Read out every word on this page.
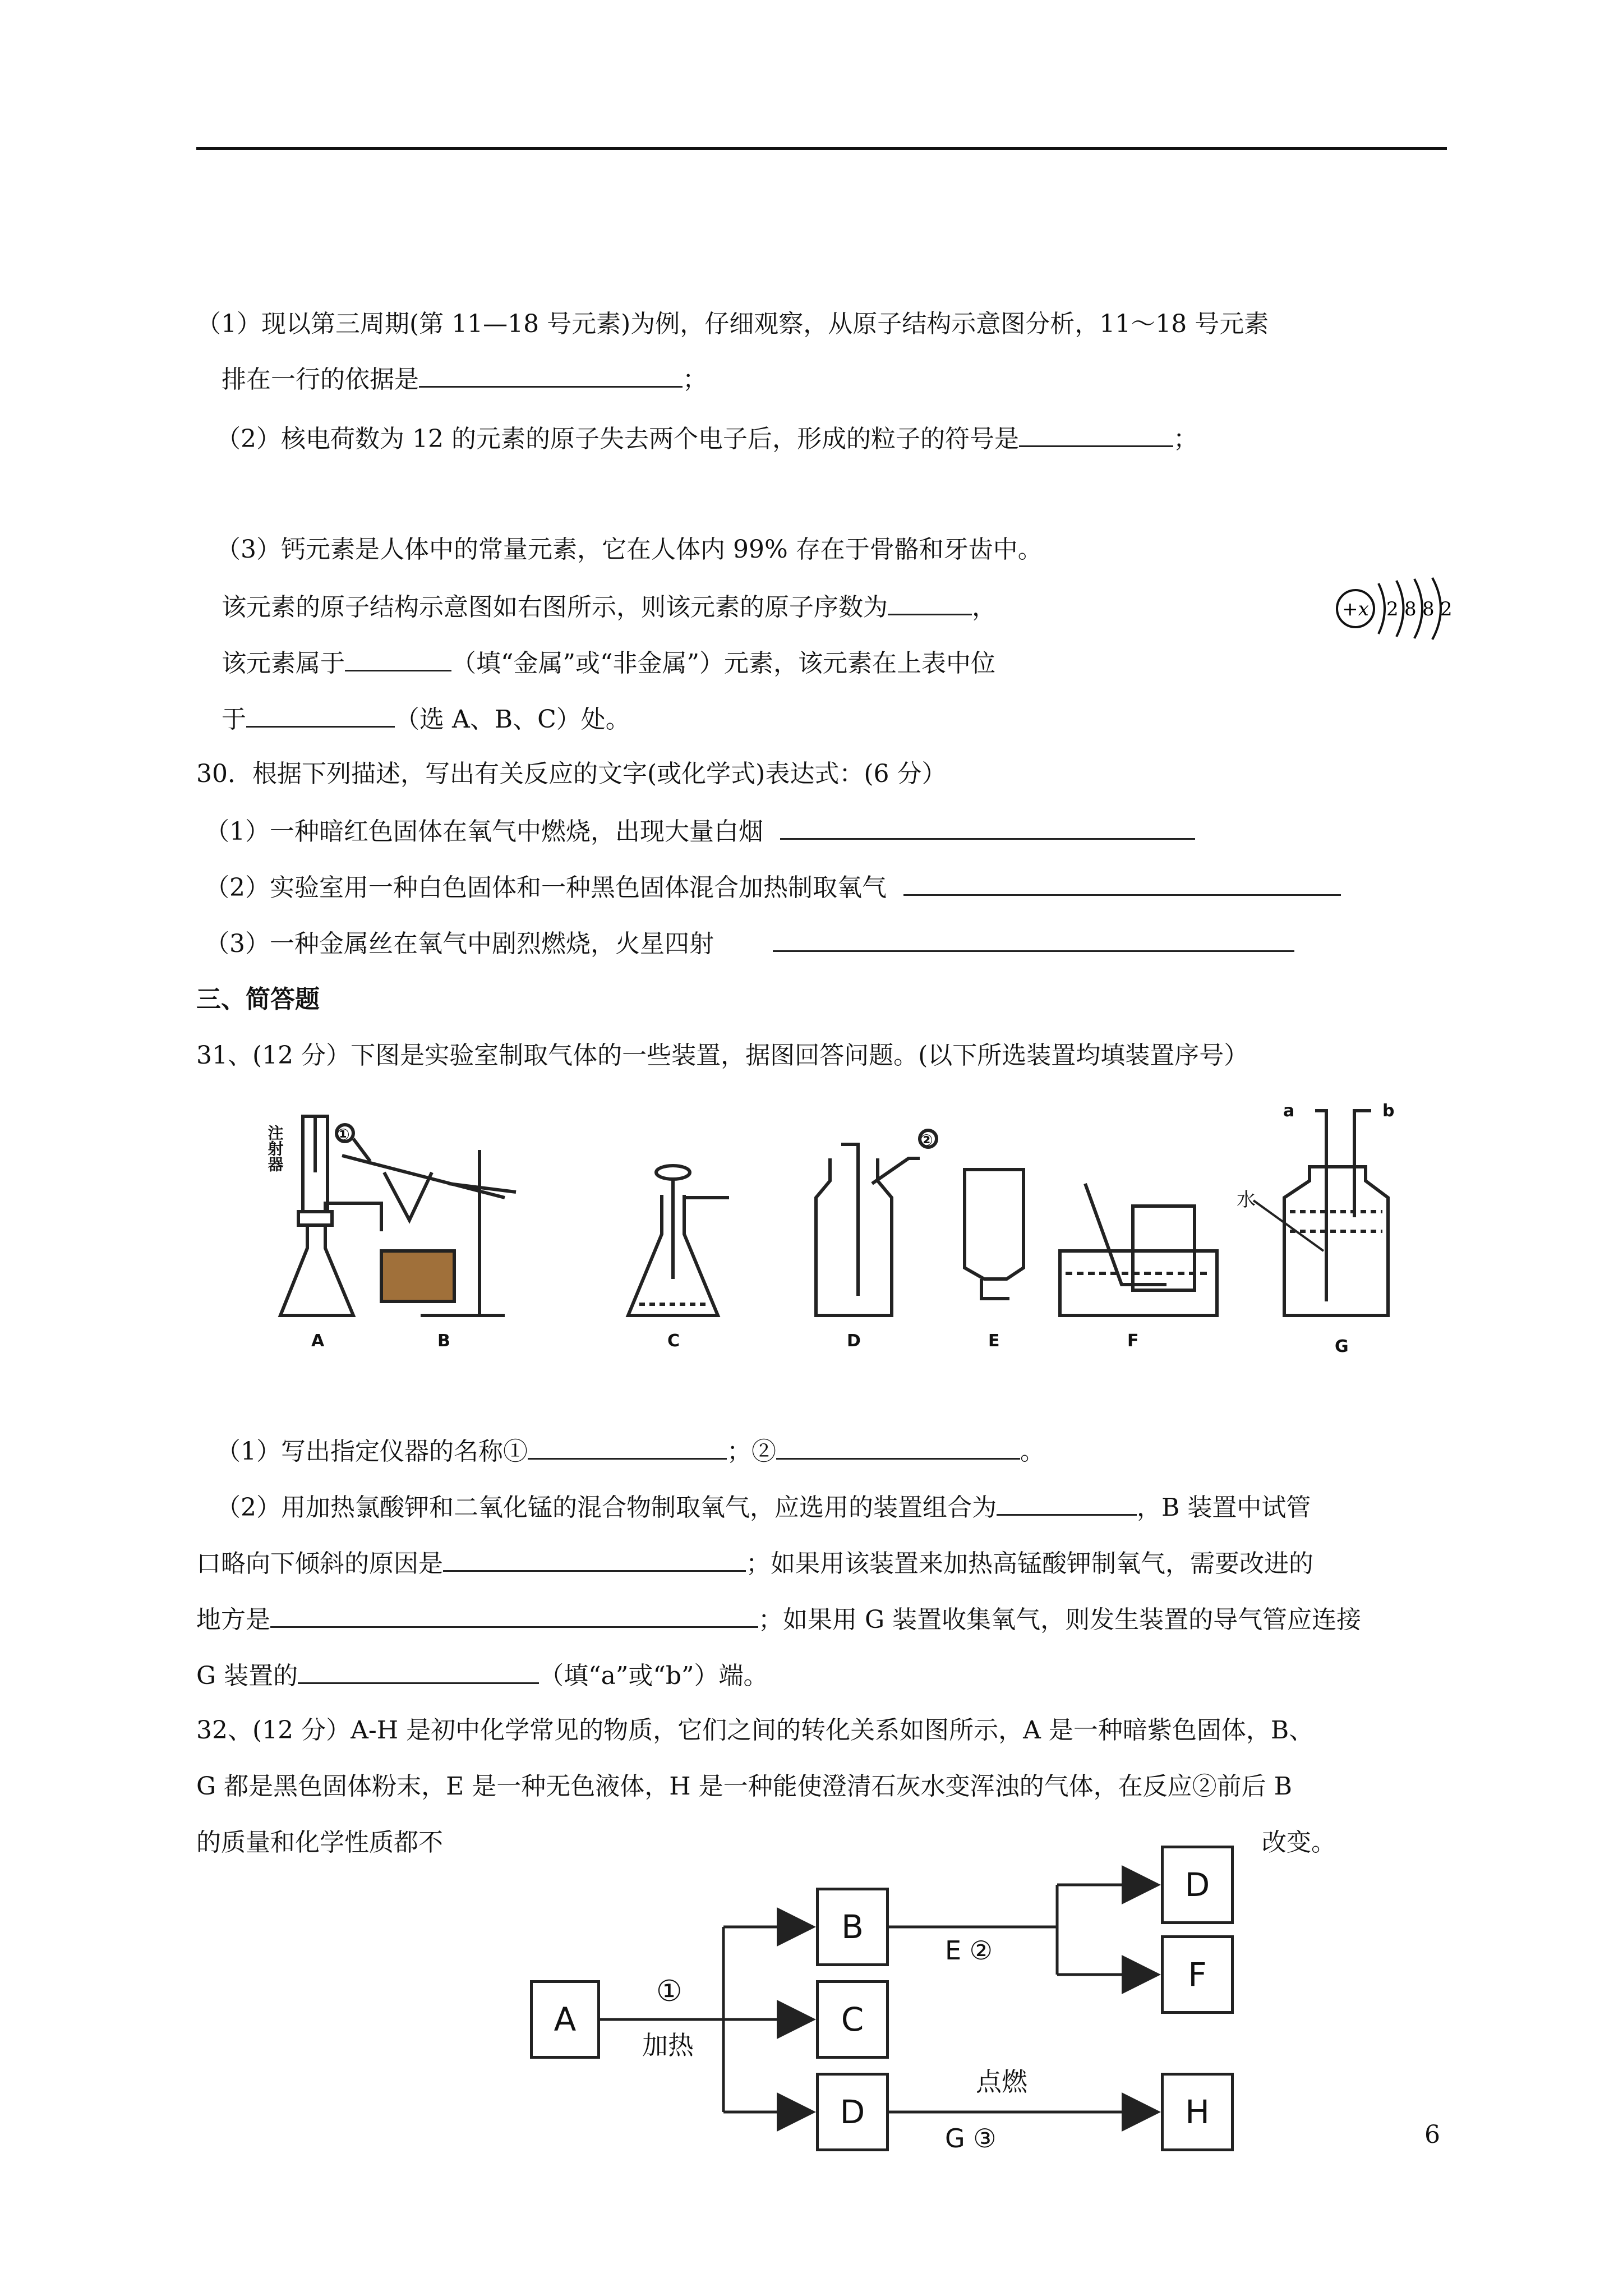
（1）现以第三周期(第 11—18 号元素)为例，仔细观察，从原子结构示意图分析，11～18 号元素
排在一行的依据是	；
（2）核电荷数为 12 的元素的原子失去两个电子后，形成的粒子的符号是	；
（3）钙元素是人体中的常量元素，它在人体内 99% 存在于骨骼和牙齿中。
该元素的原子结构示意图如右图所示，则该元素的原子序数为	，
该元素属于	（填“金属”或“非金属”）元素，该元素在上表中位
于	（选 A、B、C）处。
+x 2 8 8 2
30．根据下列描述，写出有关反应的文字(或化学式)表达式：(6 分）
（1）一种暗红色固体在氧气中燃烧，出现大量白烟
（2）实验室用一种白色固体和一种黑色固体混合加热制取氧气
（3）一种金属丝在氧气中剧烈燃烧，火星四射
三、简答题
31、(12 分）下图是实验室制取气体的一些装置，据图回答问题。(以下所选装置均填装置序号）
注射器	①	②
水
a	b
A	B	C	D	E	F	G
（1）写出指定仪器的名称①	；②	。
（2）用加热氯酸钾和二氧化锰的混合物制取氧气，应选用的装置组合为	，B 装置中试管
口略向下倾斜的原因是	；如果用该装置来加热高锰酸钾制氧气，需要改进的
地方是	；如果用 G 装置收集氧气，则发生装置的导气管应连接
G 装置的	（填“a”或“b”）端。
32、(12 分）A-H 是初中化学常见的物质，它们之间的转化关系如图所示，A 是一种暗紫色固体，B、
G 都是黑色固体粉末，E 是一种无色液体，H 是一种能使澄清石灰水变浑浊的气体，在反应②前后 B
的质量和化学性质都不	改变。
A
B
C
D
D
F
H
①
加热
E ②
点燃
G ③	6
